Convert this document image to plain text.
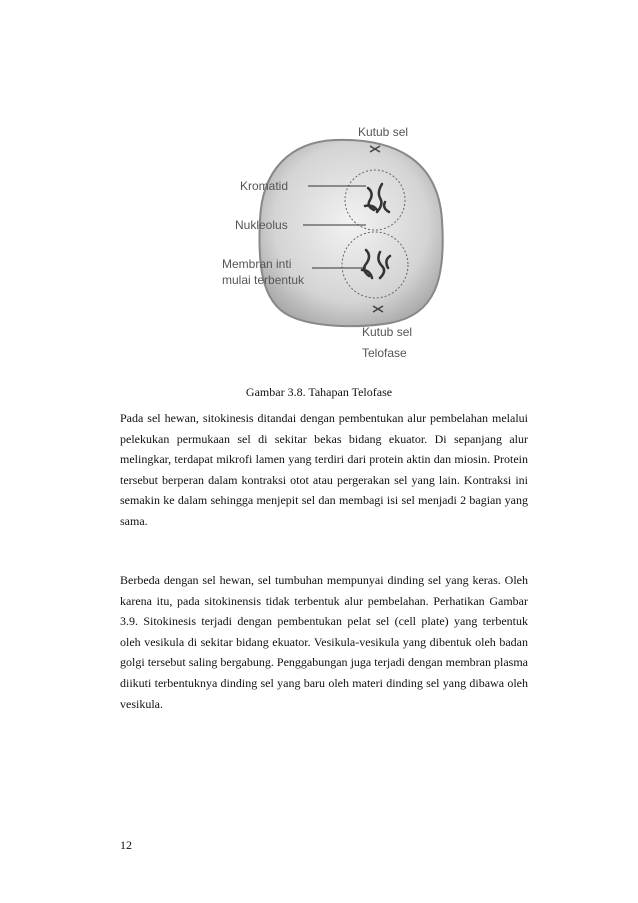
Kutub sel
Kromatid
Nukleolus
Membran inti
mulai terbentuk
Kutub sel
Telofase
Gambar 3.8. Tahapan Telofase

Pada sel hewan, sitokinesis ditandai dengan pembentukan alur pembelahan melalui pelekukan permukaan sel di sekitar bekas bidang ekuator. Di sepanjang alur melingkar, terdapat mikrofi lamen yang terdiri dari protein aktin dan miosin. Protein tersebut berperan dalam kontraksi otot atau pergerakan sel yang lain. Kontraksi ini semakin ke dalam sehingga menjepit sel dan membagi isi sel menjadi 2 bagian yang sama.

Berbeda dengan sel hewan, sel tumbuhan mempunyai dinding sel yang keras. Oleh karena itu, pada sitokinensis tidak terbentuk alur pembelahan. Perhatikan Gambar 3.9. Sitokinesis terjadi dengan pembentukan pelat sel (cell plate) yang terbentuk oleh vesikula di sekitar bidang ekuator. Vesikula-vesikula yang dibentuk oleh badan golgi tersebut saling bergabung. Penggabungan juga terjadi dengan membran plasma diikuti terbentuknya dinding sel yang baru oleh materi dinding sel yang dibawa oleh vesikula.

12
